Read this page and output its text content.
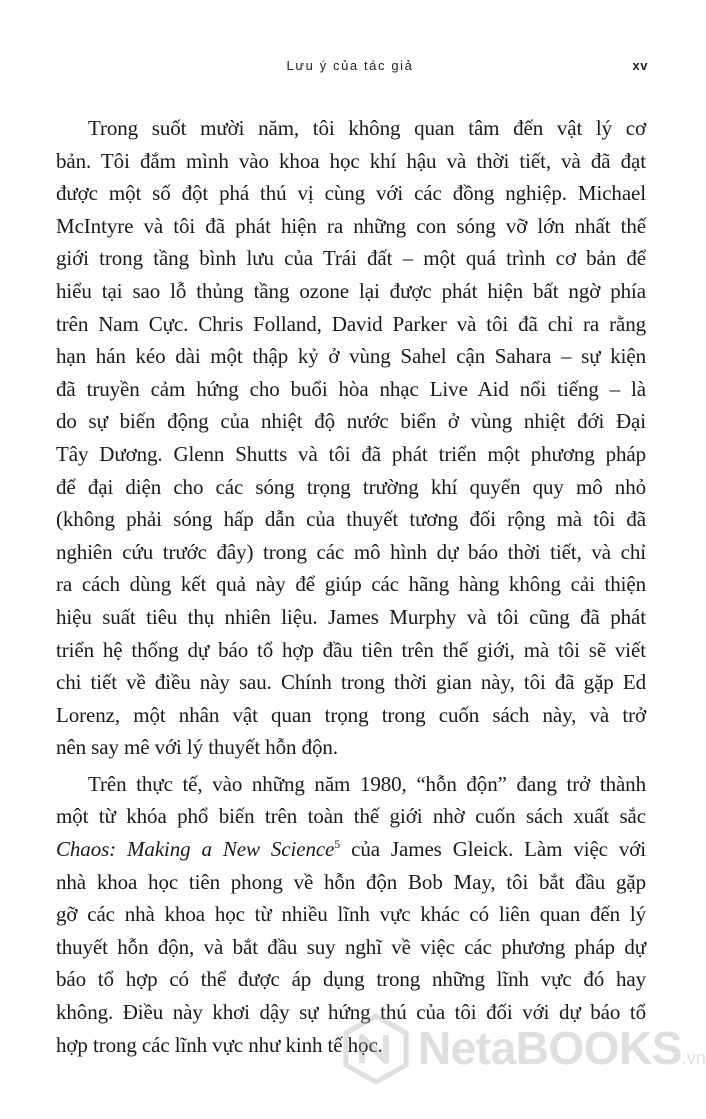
Lưu ý của tác giả	xv

Trong suốt mười năm, tôi không quan tâm đến vật lý cơ
bản. Tôi đắm mình vào khoa học khí hậu và thời tiết, và đã đạt
được một số đột phá thú vị cùng với các đồng nghiệp. Michael
McIntyre và tôi đã phát hiện ra những con sóng vỡ lớn nhất thế
giới trong tầng bình lưu của Trái đất – một quá trình cơ bản để
hiểu tại sao lỗ thủng tầng ozone lại được phát hiện bất ngờ phía
trên Nam Cực. Chris Folland, David Parker và tôi đã chỉ ra rằng
hạn hán kéo dài một thập kỷ ở vùng Sahel cận Sahara – sự kiện
đã truyền cảm hứng cho buổi hòa nhạc Live Aid nổi tiếng – là
do sự biến động của nhiệt độ nước biển ở vùng nhiệt đới Đại
Tây Dương. Glenn Shutts và tôi đã phát triển một phương pháp
để đại diện cho các sóng trọng trường khí quyển quy mô nhỏ
(không phải sóng hấp dẫn của thuyết tương đối rộng mà tôi đã
nghiên cứu trước đây) trong các mô hình dự báo thời tiết, và chỉ
ra cách dùng kết quả này để giúp các hãng hàng không cải thiện
hiệu suất tiêu thụ nhiên liệu. James Murphy và tôi cũng đã phát
triển hệ thống dự báo tổ hợp đầu tiên trên thế giới, mà tôi sẽ viết
chi tiết về điều này sau. Chính trong thời gian này, tôi đã gặp Ed
Lorenz, một nhân vật quan trọng trong cuốn sách này, và trở
nên say mê với lý thuyết hỗn độn.

Trên thực tế, vào những năm 1980, “hỗn độn” đang trở thành
một từ khóa phổ biến trên toàn thế giới nhờ cuốn sách xuất sắc
Chaos: Making a New Science$^5$ của James Gleick. Làm việc với
nhà khoa học tiên phong về hỗn độn Bob May, tôi bắt đầu gặp
gỡ các nhà khoa học từ nhiều lĩnh vực khác có liên quan đến lý
thuyết hỗn độn, và bắt đầu suy nghĩ về việc các phương pháp dự
báo tổ hợp có thể được áp dụng trong những lĩnh vực đó hay
không. Điều này khơi dậy sự hứng thú của tôi đối với dự báo tổ
hợp trong các lĩnh vực như kinh tế học. NetaBOOKS.vn
